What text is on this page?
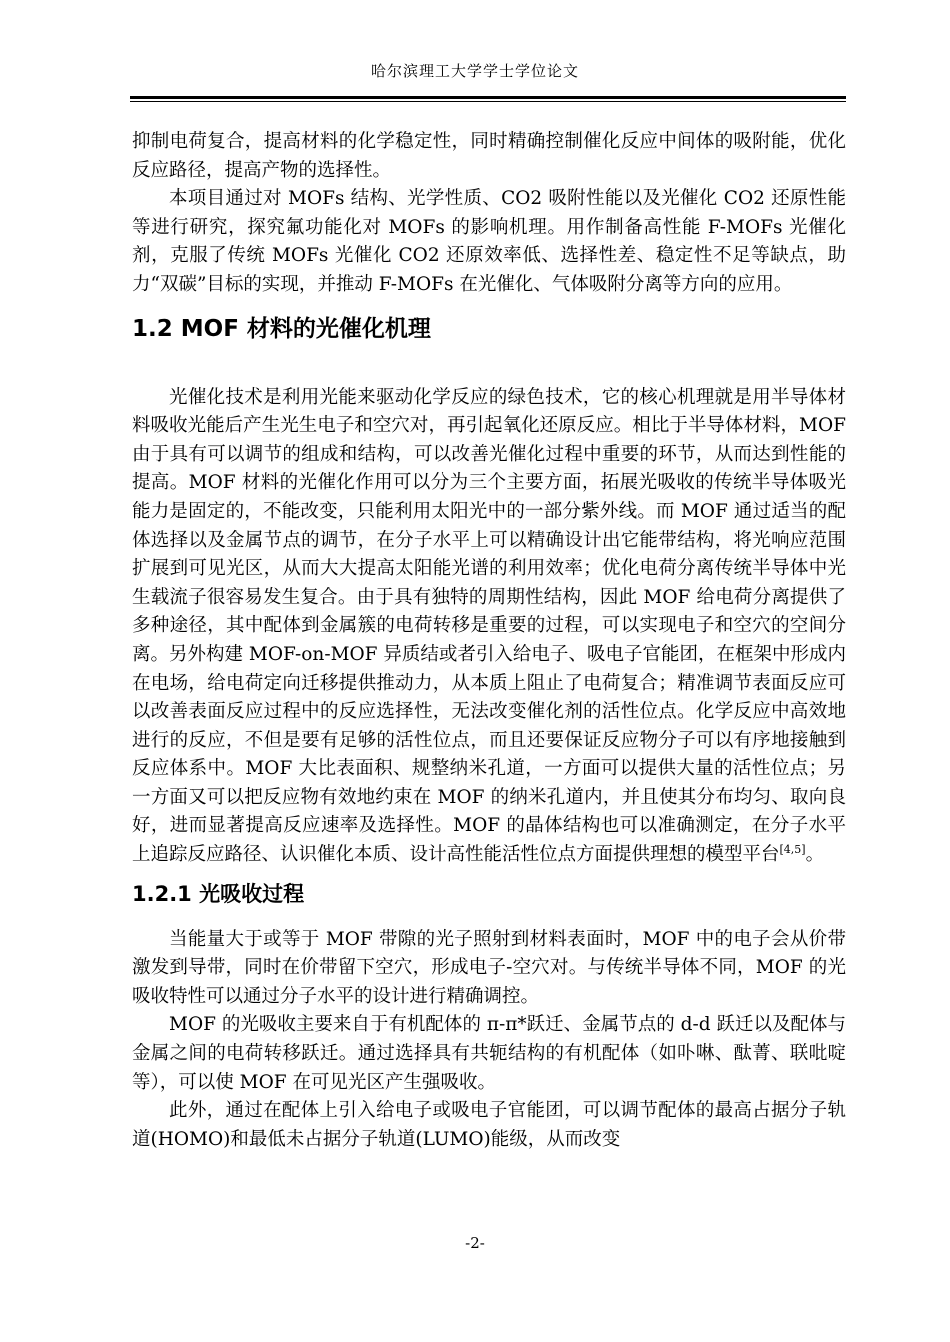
哈尔滨理工大学学士学位论文

抑制电荷复合，提高材料的化学稳定性，同时精确控制催化反应中间体的吸附能，优化反应路径，提高产物的选择性。

本项目通过对 MOFs 结构、光学性质、CO2 吸附性能以及光催化 CO2 还原性能等进行研究，探究氟功能化对 MOFs 的影响机理。用作制备高性能 F-MOFs 光催化剂，克服了传统 MOFs 光催化 CO2 还原效率低、选择性差、稳定性不足等缺点，助力“双碳”目标的实现，并推动 F-MOFs 在光催化、气体吸附分离等方向的应用。

1.2 MOF 材料的光催化机理

光催化技术是利用光能来驱动化学反应的绿色技术，它的核心机理就是用半导体材料吸收光能后产生光生电子和空穴对，再引起氧化还原反应。相比于半导体材料，MOF 由于具有可以调节的组成和结构，可以改善光催化过程中重要的环节，从而达到性能的提高。MOF 材料的光催化作用可以分为三个主要方面，拓展光吸收的传统半导体吸光能力是固定的，不能改变，只能利用太阳光中的一部分紫外线。而 MOF 通过适当的配体选择以及金属节点的调节，在分子水平上可以精确设计出它能带结构，将光响应范围扩展到可见光区，从而大大提高太阳能光谱的利用效率；优化电荷分离传统半导体中光生载流子很容易发生复合。由于具有独特的周期性结构，因此 MOF 给电荷分离提供了多种途径，其中配体到金属簇的电荷转移是重要的过程，可以实现电子和空穴的空间分离。另外构建 MOF-on-MOF 异质结或者引入给电子、吸电子官能团，在框架中形成内在电场，给电荷定向迁移提供推动力，从本质上阻止了电荷复合；精准调节表面反应可以改善表面反应过程中的反应选择性，无法改变催化剂的活性位点。化学反应中高效地进行的反应，不但是要有足够的活性位点，而且还要保证反应物分子可以有序地接触到反应体系中。MOF 大比表面积、规整纳米孔道，一方面可以提供大量的活性位点；另一方面又可以把反应物有效地约束在 MOF 的纳米孔道内，并且使其分布均匀、取向良好，进而显著提高反应速率及选择性。MOF 的晶体结构也可以准确测定，在分子水平上追踪反应路径、认识催化本质、设计高性能活性位点方面提供理想的模型平台[4,5]。

1.2.1 光吸收过程

当能量大于或等于 MOF 带隙的光子照射到材料表面时，MOF 中的电子会从价带激发到导带，同时在价带留下空穴，形成电子-空穴对。与传统半导体不同，MOF 的光吸收特性可以通过分子水平的设计进行精确调控。

MOF 的光吸收主要来自于有机配体的 π-π*跃迁、金属节点的 d-d 跃迁以及配体与金属之间的电荷转移跃迁。通过选择具有共轭结构的有机配体（如卟啉、酞菁、联吡啶等），可以使 MOF 在可见光区产生强吸收。

此外，通过在配体上引入给电子或吸电子官能团，可以调节配体的最高占据分子轨道(HOMO)和最低未占据分子轨道(LUMO)能级，从而改变

-2-
